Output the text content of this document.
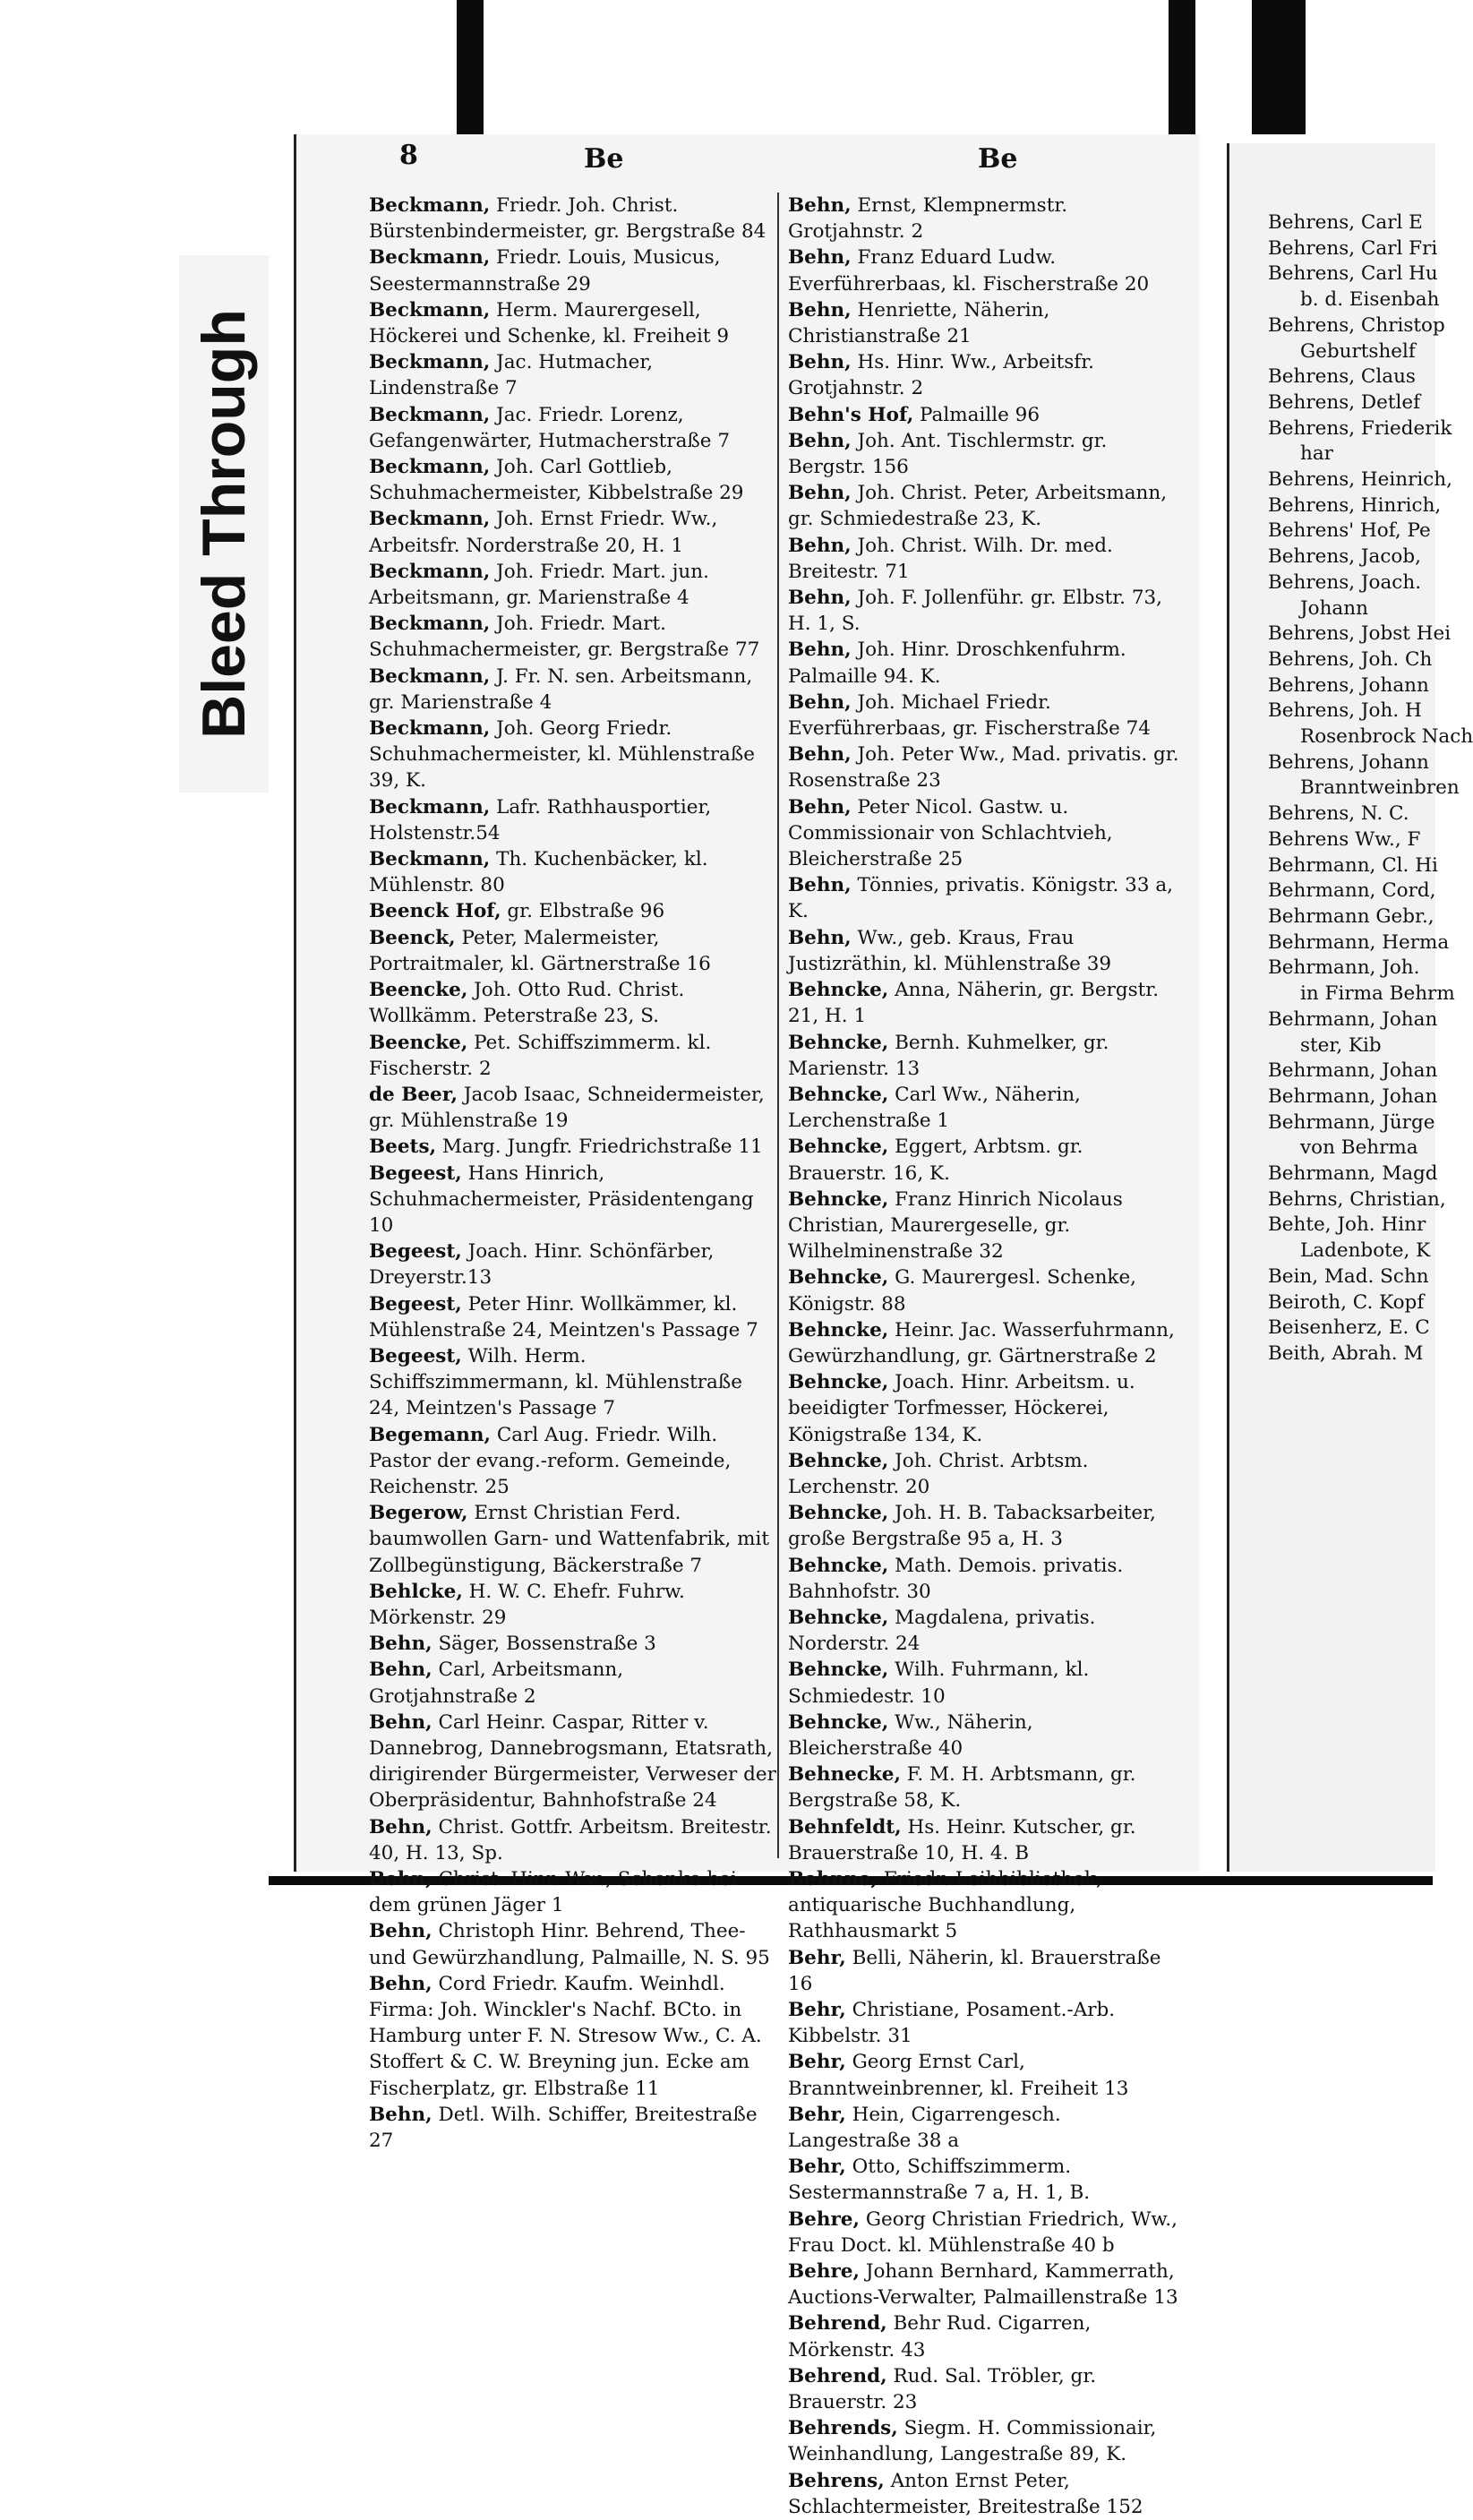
Bleed Through
8	Be	Be
Beckmann, Friedr. Joh. Christ. Bürstenbindermeister, gr. Bergstraße 84
Beckmann, Friedr. Louis, Musicus, Seestermannstraße 29
Beckmann, Herm. Maurergesell, Höckerei und Schenke, kl. Freiheit 9
Beckmann, Jac. Hutmacher, Lindenstraße 7
Beckmann, Jac. Friedr. Lorenz, Gefangenwärter, Hutmacherstraße 7
Beckmann, Joh. Carl Gottlieb, Schuhmachermeister, Kibbelstraße 29
Beckmann, Joh. Ernst Friedr. Ww., Arbeitsfr. Norderstraße 20, H. 1
Beckmann, Joh. Friedr. Mart. jun. Arbeitsmann, gr. Marienstraße 4
Beckmann, Joh. Friedr. Mart. Schuhmachermeister, gr. Bergstraße 77
Beckmann, J. Fr. N. sen. Arbeitsmann, gr. Marienstraße 4
Beckmann, Joh. Georg Friedr. Schuhmachermeister, kl. Mühlenstraße 39, K.
Beckmann, Lafr. Rathhausportier, Holstenstr.54
Beckmann, Th. Kuchenbäcker, kl. Mühlenstr. 80
Beenck Hof, gr. Elbstraße 96
Beenck, Peter, Malermeister, Portraitmaler, kl. Gärtnerstraße 16
Beencke, Joh. Otto Rud. Christ. Wollkämm. Peterstraße 23, S.
Beencke, Pet. Schiffszimmerm. kl. Fischerstr. 2
de Beer, Jacob Isaac, Schneidermeister, gr. Mühlenstraße 19
Beets, Marg. Jungfr. Friedrichstraße 11
Begeest, Hans Hinrich, Schuhmachermeister, Präsidentengang 10
Begeest, Joach. Hinr. Schönfärber, Dreyerstr.13
Begeest, Peter Hinr. Wollkämmer, kl. Mühlenstraße 24, Meintzen's Passage 7
Begeest, Wilh. Herm. Schiffszimmermann, kl. Mühlenstraße 24, Meintzen's Passage 7
Begemann, Carl Aug. Friedr. Wilh. Pastor der evang.-reform. Gemeinde, Reichenstr. 25
Begerow, Ernst Christian Ferd. baumwollen Garn- und Wattenfabrik, mit Zollbegünstigung, Bäckerstraße 7
Behlcke, H. W. C. Ehefr. Fuhrw. Mörkenstr. 29
Behn, Säger, Bossenstraße 3
Behn, Carl, Arbeitsmann, Grotjahnstraße 2
Behn, Carl Heinr. Caspar, Ritter v. Dannebrog, Dannebrogsmann, Etatsrath, dirigirender Bürgermeister, Verweser der Oberpräsidentur, Bahnhofstraße 24
Behn, Christ. Gottfr. Arbeitsm. Breitestr. 40, H. 13, Sp.
Behn, Christ. Hinr. Ww., Schenke bei dem grünen Jäger 1
Behn, Christoph Hinr. Behrend, Thee- und Gewürzhandlung, Palmaille, N. S. 95
Behn, Cord Friedr. Kaufm. Weinhdl. Firma: Joh. Winckler's Nachf. BCto. in Hamburg unter F. N. Stresow Ww., C. A. Stoffert & C. W. Breyning jun. Ecke am Fischerplatz, gr. Elbstraße 11
Behn, Detl. Wilh. Schiffer, Breitestraße 27
Behn, Ernst, Klempnermstr. Grotjahnstr. 2
Behn, Franz Eduard Ludw. Everführerbaas, kl. Fischerstraße 20
Behn, Henriette, Näherin, Christianstraße 21
Behn, Hs. Hinr. Ww., Arbeitsfr. Grotjahnstr. 2
Behn's Hof, Palmaille 96
Behn, Joh. Ant. Tischlermstr. gr. Bergstr. 156
Behn, Joh. Christ. Peter, Arbeitsmann, gr. Schmiedestraße 23, K.
Behn, Joh. Christ. Wilh. Dr. med. Breitestr. 71
Behn, Joh. F. Jollenführ. gr. Elbstr. 73, H. 1, S.
Behn, Joh. Hinr. Droschkenfuhrm. Palmaille 94. K.
Behn, Joh. Michael Friedr. Everführerbaas, gr. Fischerstraße 74
Behn, Joh. Peter Ww., Mad. privatis. gr. Rosenstraße 23
Behn, Peter Nicol. Gastw. u. Commissionair von Schlachtvieh, Bleicherstraße 25
Behn, Tönnies, privatis. Königstr. 33 a, K.
Behn, Ww., geb. Kraus, Frau Justizräthin, kl. Mühlenstraße 39
Behncke, Anna, Näherin, gr. Bergstr. 21, H. 1
Behncke, Bernh. Kuhmelker, gr. Marienstr. 13
Behncke, Carl Ww., Näherin, Lerchenstraße 1
Behncke, Eggert, Arbtsm. gr. Brauerstr. 16, K.
Behncke, Franz Hinrich Nicolaus Christian, Maurergeselle, gr. Wilhelminenstraße 32
Behncke, G. Maurergesl. Schenke, Königstr. 88
Behncke, Heinr. Jac. Wasserfuhrmann, Gewürzhandlung, gr. Gärtnerstraße 2
Behncke, Joach. Hinr. Arbeitsm. u. beeidigter Torfmesser, Höckerei, Königstraße 134, K.
Behncke, Joh. Christ. Arbtsm. Lerchenstr. 20
Behncke, Joh. H. B. Tabacksarbeiter, große Bergstraße 95 a, H. 3
Behncke, Math. Demois. privatis. Bahnhofstr. 30
Behncke, Magdalena, privatis. Norderstr. 24
Behncke, Wilh. Fuhrmann, kl. Schmiedestr. 10
Behncke, Ww., Näherin, Bleicherstraße 40
Behnecke, F. M. H. Arbtsmann, gr. Bergstraße 58, K.
Behnfeldt, Hs. Heinr. Kutscher, gr. Brauerstraße 10, H. 4. B
Behnne, Friedr. Leihbibliothek, antiquarische Buchhandlung, Rathhausmarkt 5
Behr, Belli, Näherin, kl. Brauerstraße 16
Behr, Christiane, Posament.-Arb. Kibbelstr. 31
Behr, Georg Ernst Carl, Branntweinbrenner, kl. Freiheit 13
Behr, Hein, Cigarrengesch. Langestraße 38 a
Behr, Otto, Schiffszimmerm. Sestermannstraße 7 a, H. 1, B.
Behre, Georg Christian Friedrich, Ww., Frau Doct. kl. Mühlenstraße 40 b
Behre, Johann Bernhard, Kammerrath, Auctions-Verwalter, Palmaillenstraße 13
Behrend, Behr Rud. Cigarren, Mörkenstr. 43
Behrend, Rud. Sal. Tröbler, gr. Brauerstr. 23
Behrends, Siegm. H. Commissionair, Weinhandlung, Langestraße 89, K.
Behrens, Anton Ernst Peter, Schlachtermeister, Breitestraße 152
Behrens, Carl E
Behrens, Carl Fri
Behrens, Carl Hu
b. d. Eisenbah
Behrens, Christop
Geburtshelf
Behrens, Claus
Behrens, Detlef
Behrens, Friederik
har
Behrens, Heinrich,
Behrens, Hinrich,
Behrens' Hof, Pe
Behrens, Jacob,
Behrens, Joach.
Johann
Behrens, Jobst Hei
Behrens, Joh. Ch
Behrens, Johann
Behrens, Joh. H
Rosenbrock Nach
Behrens, Johann
Branntweinbren
Behrens, N. C.
Behrens Ww., F
Behrmann, Cl. Hi
Behrmann, Cord,
Behrmann Gebr.,
Behrmann, Herma
Behrmann, Joh.
in Firma Behrm
Behrmann, Johan
ster, Kib
Behrmann, Johan
Behrmann, Johan
Behrmann, Jürge
von Behrma
Behrmann, Magd
Behrns, Christian,
Behte, Joh. Hinr
Ladenbote, K
Bein, Mad. Schn
Beiroth, C. Kopf
Beisenherz, E. C
Beith, Abrah. M
